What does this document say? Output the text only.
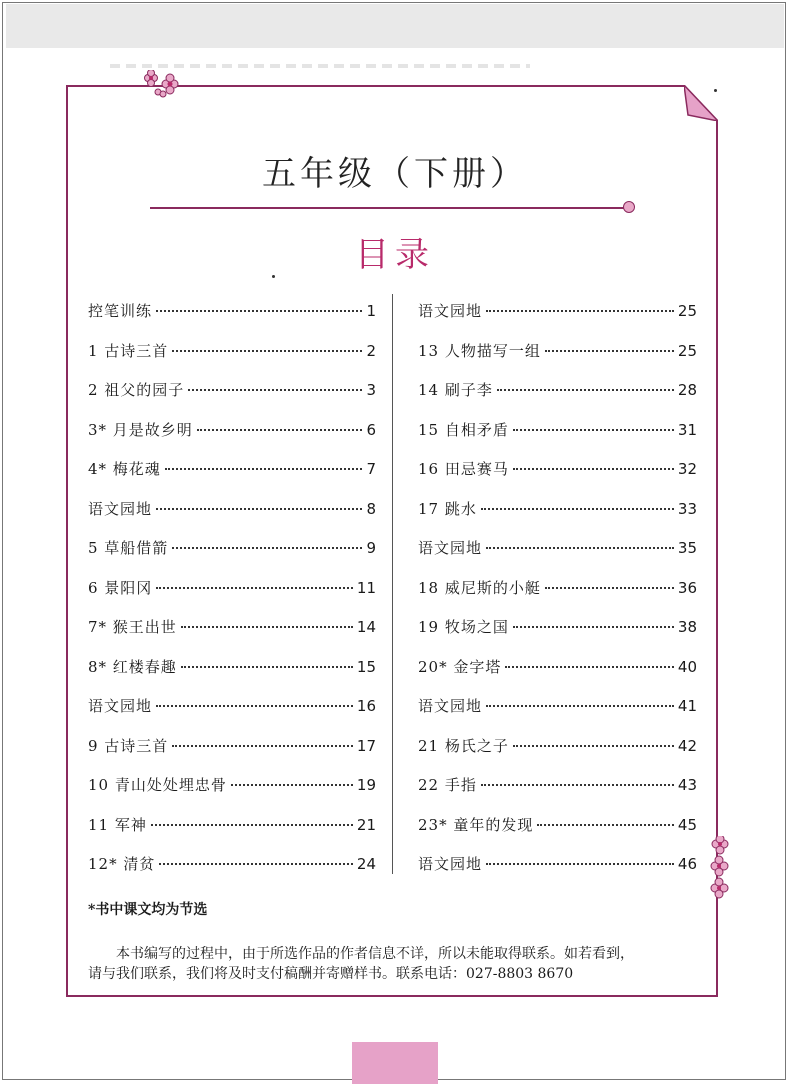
五年级（下册）
目录
控笔训练	1
1 古诗三首	2
2 祖父的园子	3
3* 月是故乡明	6
4* 梅花魂	7
语文园地	8
5 草船借箭	9
6 景阳冈	11
7* 猴王出世	14
8* 红楼春趣	15
语文园地	16
9 古诗三首	17
10 青山处处埋忠骨	19
11 军神	21
12* 清贫	24
语文园地	25
13 人物描写一组	25
14 刷子李	28
15 自相矛盾	31
16 田忌赛马	32
17 跳水	33
语文园地	35
18 威尼斯的小艇	36
19 牧场之国	38
20* 金字塔	40
语文园地	41
21 杨氏之子	42
22 手指	43
23* 童年的发现	45
语文园地	46
*书中课文均为节选
本书编写的过程中，由于所选作品的作者信息不详，所以未能取得联系。如若看到，
请与我们联系，我们将及时支付稿酬并寄赠样书。联系电话：027-8803 8670
